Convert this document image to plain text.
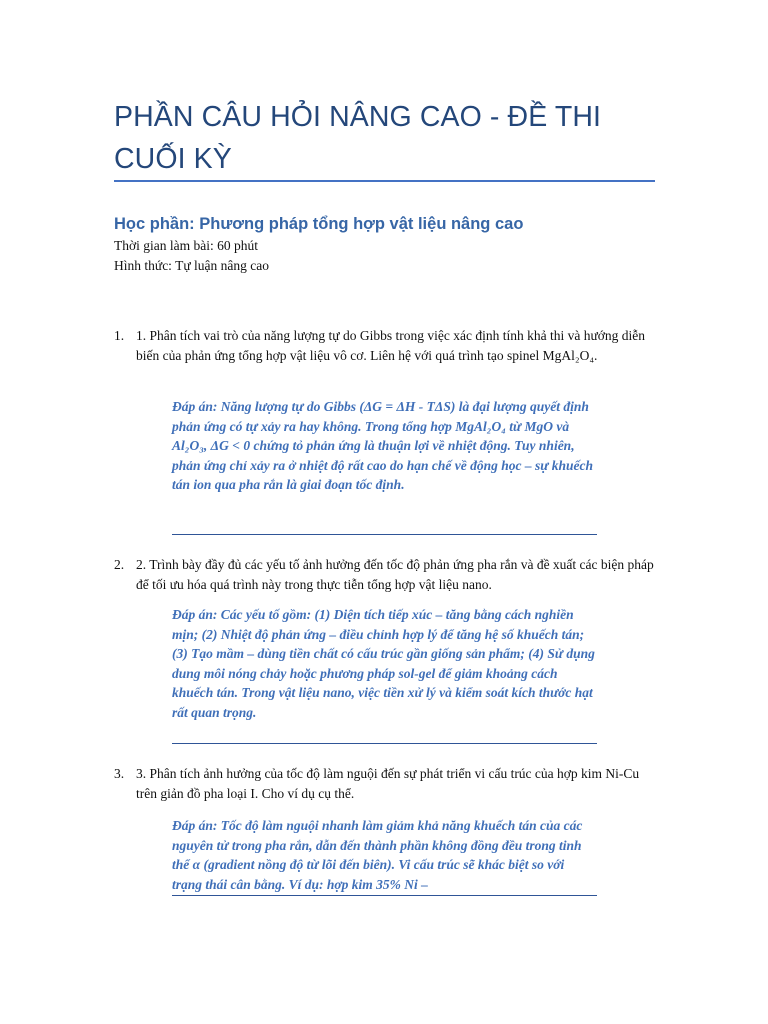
PHẦN CÂU HỎI NÂNG CAO - ĐỀ THI CUỐI KỲ
Học phần: Phương pháp tổng hợp vật liệu nâng cao
Thời gian làm bài: 60 phút
Hình thức: Tự luận nâng cao
1. 1. Phân tích vai trò của năng lượng tự do Gibbs trong việc xác định tính khả thi và hướng diễn biến của phản ứng tổng hợp vật liệu vô cơ. Liên hệ với quá trình tạo spinel MgAl₂O₄.
Đáp án: Năng lượng tự do Gibbs (ΔG = ΔH - TΔS) là đại lượng quyết định phản ứng có tự xảy ra hay không. Trong tổng hợp MgAl₂O₄ từ MgO và Al₂O₃, ΔG < 0 chứng tỏ phản ứng là thuận lợi về nhiệt động. Tuy nhiên, phản ứng chỉ xảy ra ở nhiệt độ rất cao do hạn chế về động học – sự khuếch tán ion qua pha rắn là giai đoạn tốc định.
2. 2. Trình bày đầy đủ các yếu tố ảnh hưởng đến tốc độ phản ứng pha rắn và đề xuất các biện pháp để tối ưu hóa quá trình này trong thực tiễn tổng hợp vật liệu nano.
Đáp án: Các yếu tố gồm: (1) Diện tích tiếp xúc – tăng bằng cách nghiền mịn; (2) Nhiệt độ phản ứng – điều chỉnh hợp lý để tăng hệ số khuếch tán; (3) Tạo mầm – dùng tiền chất có cấu trúc gần giống sản phẩm; (4) Sử dụng dung môi nóng chảy hoặc phương pháp sol-gel để giảm khoảng cách khuếch tán. Trong vật liệu nano, việc tiền xử lý và kiểm soát kích thước hạt rất quan trọng.
3. 3. Phân tích ảnh hưởng của tốc độ làm nguội đến sự phát triển vi cấu trúc của hợp kim Ni-Cu trên giản đồ pha loại I. Cho ví dụ cụ thể.
Đáp án: Tốc độ làm nguội nhanh làm giảm khả năng khuếch tán của các nguyên tử trong pha rắn, dẫn đến thành phần không đồng đều trong tinh thể α (gradient nồng độ từ lõi đến biên). Vi cấu trúc sẽ khác biệt so với trạng thái cân bằng. Ví dụ: hợp kim 35% Ni –
